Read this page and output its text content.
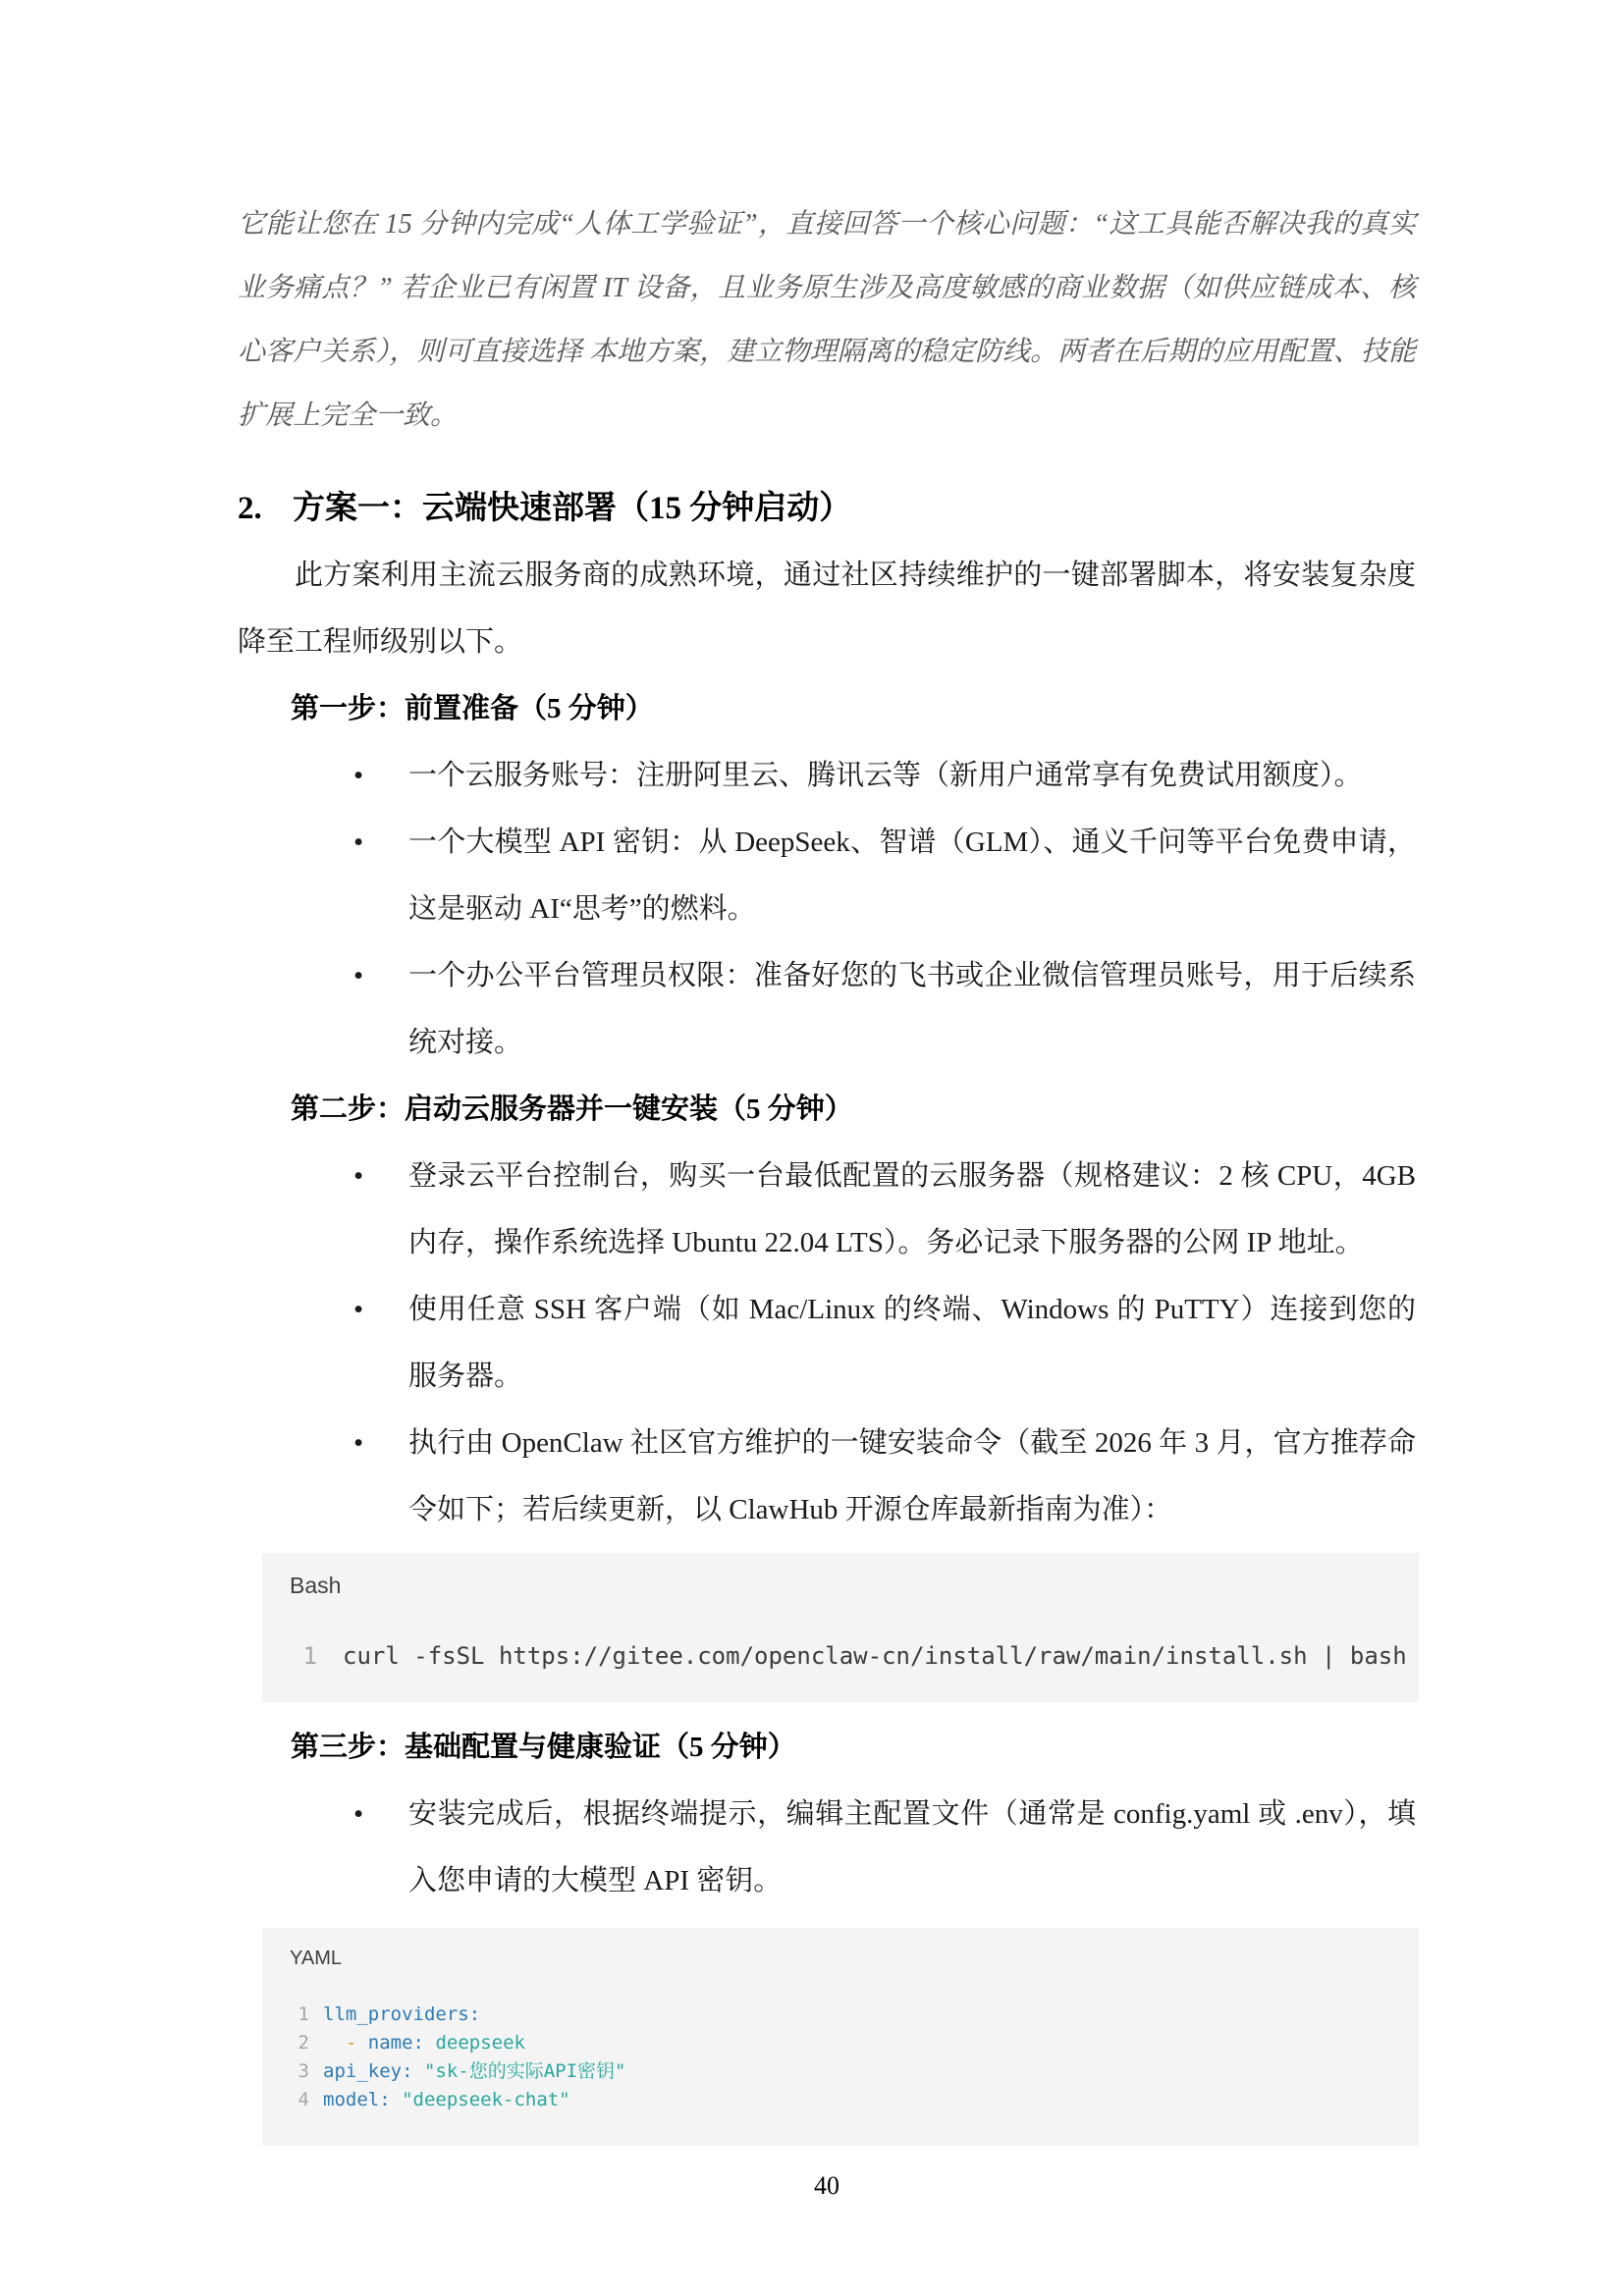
它能让您在 15 分钟内完成“人体工学验证”，直接回答一个核心问题：“这工具能否解决我的真实业务痛点？” 若企业已有闲置 IT 设备，且业务原生涉及高度敏感的商业数据（如供应链成本、核心客户关系），则可直接选择 本地方案，建立物理隔离的稳定防线。两者在后期的应用配置、技能扩展上完全一致。

2. 方案一：云端快速部署（15 分钟启动）

此方案利用主流云服务商的成熟环境，通过社区持续维护的一键部署脚本，将安装复杂度降至工程师级别以下。

第一步：前置准备（5 分钟）
•	一个云服务账号：注册阿里云、腾讯云等（新用户通常享有免费试用额度）。
•	一个大模型 API 密钥：从 DeepSeek、智谱（GLM）、通义千问等平台免费申请，这是驱动 AI“思考”的燃料。
•	一个办公平台管理员权限：准备好您的飞书或企业微信管理员账号，用于后续系统对接。
第二步：启动云服务器并一键安装（5 分钟）
•	登录云平台控制台，购买一台最低配置的云服务器（规格建议：2 核 CPU，4GB 内存，操作系统选择 Ubuntu 22.04 LTS）。务必记录下服务器的公网 IP 地址。
•	使用任意 SSH 客户端（如 Mac/Linux 的终端、Windows 的 PuTTY）连接到您的服务器。
•	执行由 OpenClaw 社区官方维护的一键安装命令（截至 2026 年 3 月，官方推荐命令如下；若后续更新，以 ClawHub 开源仓库最新指南为准）：
Bash
1 curl -fsSL https://gitee.com/openclaw-cn/install/raw/main/install.sh | bash
第三步：基础配置与健康验证（5 分钟）
•	安装完成后，根据终端提示，编辑主配置文件（通常是 config.yaml 或 .env），填入您申请的大模型 API 密钥。
YAML
1 llm_providers:
2 - name: deepseek
3 api_key: "sk-您的实际API密钥"
4 model: "deepseek-chat"
40
